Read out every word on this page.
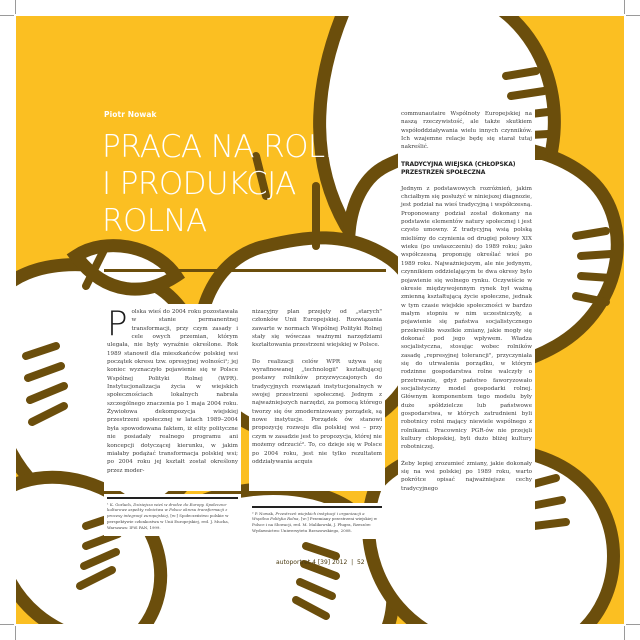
Piotr Nowak
PRACA NA ROLI
I PRODUKCJA
ROLNA
P olska wieś do 2004 roku pozostawała w stanie permanentnej transformacji, przy czym zasady i cele owych przemian, którym ulegała, nie były wyraźnie określone. Rok 1989 stanowił dla mieszkańców polskiej wsi początek okresu tzw. opresyjnej wolności¹; jej koniec wyznaczyło pojawienie się w Polsce Wspólnej Polityki Rolnej (WPR). Instytucjonalizacja życia w wiejskich społecznościach lokalnych nabrała szczególnego znaczenia po 1 maja 2004 roku. Żywiołowa dekompozycja wiejskiej przestrzeni społecznej w latach 1989–2004 była spowodowana faktem, iż elity polityczne nie posiadały realnego programu ani koncepcji dotyczącej kierunku, w jakim miałaby podążać transformacja polskiej wsi; po 2004 roku jej kształt został określony przez moder-

nizacyjny plan przejęty od „starych" członków Unii Europejskiej. Rozwiązania zawarte w normach Wspólnej Polityki Rolnej stały się wówczas ważnymi narzędziami kształtowania przestrzeni wiejskiej w Polsce.

Do realizacji celów WPR używa się wyrafinowanej „technologii" kształtującej postawy rolników przyzwyczajonych do tradycyjnych rozwiązań instytucjonalnych w swojej przestrzeni społecznej. Jednym z najważniejszych narzędzi, za pomocą którego tworzy się ów zmodernizowany porządek, są nowe instytucje. Porządek ów stanowi propozycję rozwoju dla polskiej wsi – przy czym w zasadzie jest to propozycja, której nie możemy odrzucić². To, co dzieje się w Polsce po 2004 roku, jest nie tylko rezultatem oddziaływania acquis

communautaire Wspólnoty Europejskiej na naszą rzeczywistość, ale także skutkiem współoddziaływania wielu innych czynników. Ich wzajemne relacje będę się starał tutaj nakreślić.

TRADYCYJNA WIEJSKA (CHŁOPSKA) PRZESTRZEŃ SPOŁECZNA

Jednym z podstawowych rozróżnień, jakim chciałbym się posłużyć w niniejszej diagnozie, jest podział na wieś tradycyjną i współczesną. Proponowany podział został dokonany na podstawie elementów natury społecznej i jest czysto umowny. Z tradycyjną wsią polską mieliśmy do czynienia od drugiej połowy XIX wieku (po uwłaszczeniu) do 1989 roku; jako współczesną proponuję określać wieś po 1989 roku. Najważniejszym, ale nie jedynym, czynnikiem oddzielającym te dwa okresy było pojawienie się wolnego rynku. Oczywiście w okresie międzywojennym rynek był ważną zmienną kształtującą życie społeczne, jednak w tym czasie wiejskie społeczności w bardzo małym stopniu w nim uczestniczyły, a pojawienie się państwa socjalistycznego przekreśliło wszelkie zmiany, jakie mogły się dokonać pod jego wpływem. Władza socjalistyczna, stosując wobec rolników zasadę „represyjnej tolerancji", przyczyniała się do utrwalenia porządku, w którym rodzinne gospodarstwa rolne walczyły o przetrwanie, gdyż państwo faworyzowało socjalistyczny model gospodarki rolnej. Głównym komponentem tego modelu były duże spółdzielcze lub państwowe gospodarstwa, w których zatrudnieni byli robotnicy rolni mający niewiele wspólnego z rolnikami. Pracownicy PGR-ów nie przejęli kultury chłopskiej, byli dużo bliżej kultury robotniczej.

Żeby lepiej zrozumieć zmiany, jakie dokonały się na wsi polskiej po 1989 roku, warto pokrótce opisać najważniejsze cechy tradycyjnego

¹ K. Gorlach, Dzisiejsza wieś w drodze do Europy. Społeczno-kulturowe aspekty rolnictwa w Polsce okresu transformacji z procesy integracji europejskiej, [w:] Społeczeństwo polskie w perspektywie członkostwa w Unii Europejskiej, red. J. Mucha, Warszawa: IFiS PAN, 1999.
² P. Nowak, Przestrzeń wiejskich instytucji i organizacji a Wspólna Polityka Rolna, [w:] Przemiany przestrzeni wiejskiej w Polsce i na Słowacji, red. M. Malikowski, J. Pługra, Rzeszów: Wydawnictwo Uniwersytetu Rzeszowskiego, 2008.
autoportret 4 [39] 2012  |  52
